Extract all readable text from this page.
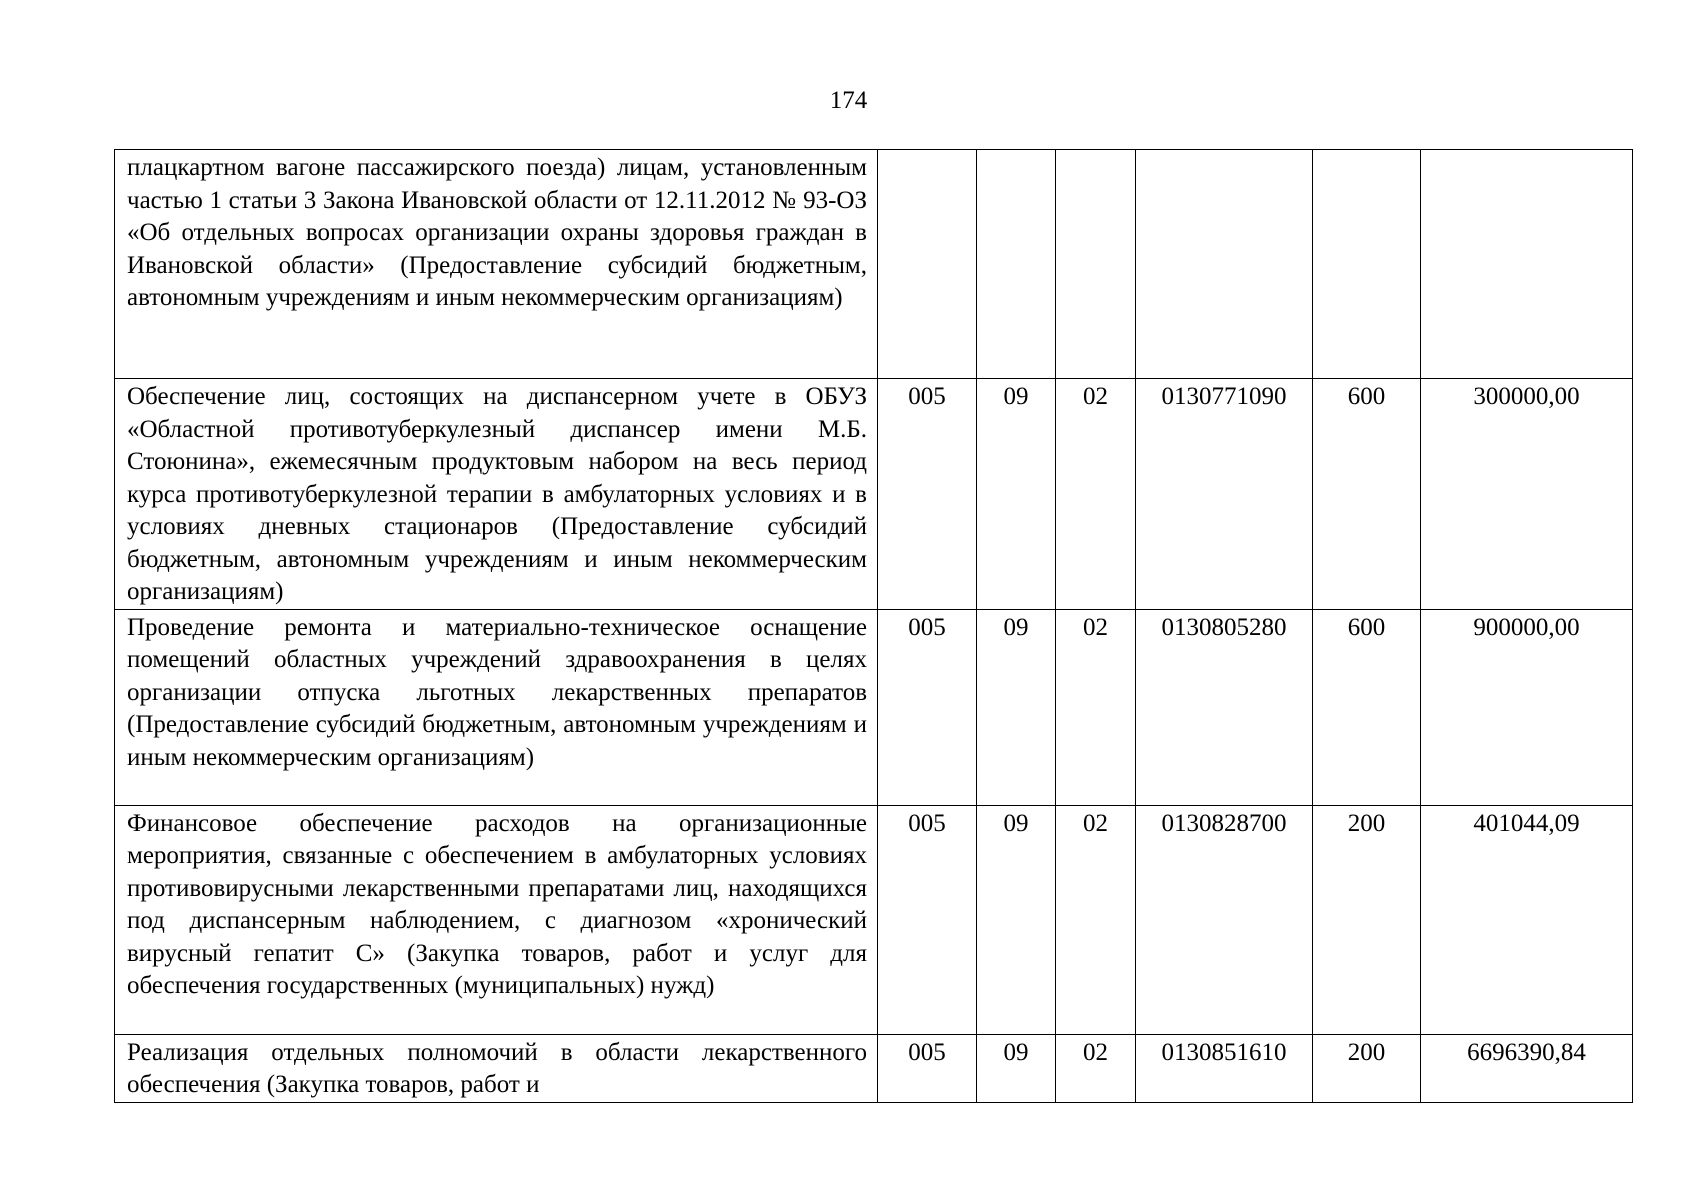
174
плацкартном вагоне пассажирского поезда) лицам, установленным частью 1 статьи 3 Закона Ивановской области от 12.11.2012 № 93-ОЗ «Об отдельных вопросах организации охраны здоровья граждан в Ивановской области» (Предоставление субсидий бюджетным, автономным учреждениям и иным некоммерческим организациям)						
Обеспечение лиц, состоящих на диспансерном учете в ОБУЗ «Областной противотуберкулезный диспансер имени М.Б. Стоюнина», ежемесячным продуктовым набором на весь период курса противотуберкулезной терапии в амбулаторных условиях и в условиях дневных стационаров (Предоставление субсидий бюджетным, автономным учреждениям и иным некоммерческим организациям)	005	09	02	0130771090	600	300000,00
Проведение ремонта и материально-техническое оснащение помещений областных учреждений здравоохранения в целях организации отпуска льготных лекарственных препаратов (Предоставление субсидий бюджетным, автономным учреждениям и иным некоммерческим организациям)	005	09	02	0130805280	600	900000,00
Финансовое обеспечение расходов на организационные мероприятия, связанные с обеспечением в амбулаторных условиях противовирусными лекарственными препаратами лиц, находящихся под диспансерным наблюдением, с диагнозом «хронический вирусный гепатит С» (Закупка товаров, работ и услуг для обеспечения государственных (муниципальных) нужд)	005	09	02	0130828700	200	401044,09
Реализация отдельных полномочий в области лекарственного обеспечения (Закупка товаров, работ и	005	09	02	0130851610	200	6696390,84
